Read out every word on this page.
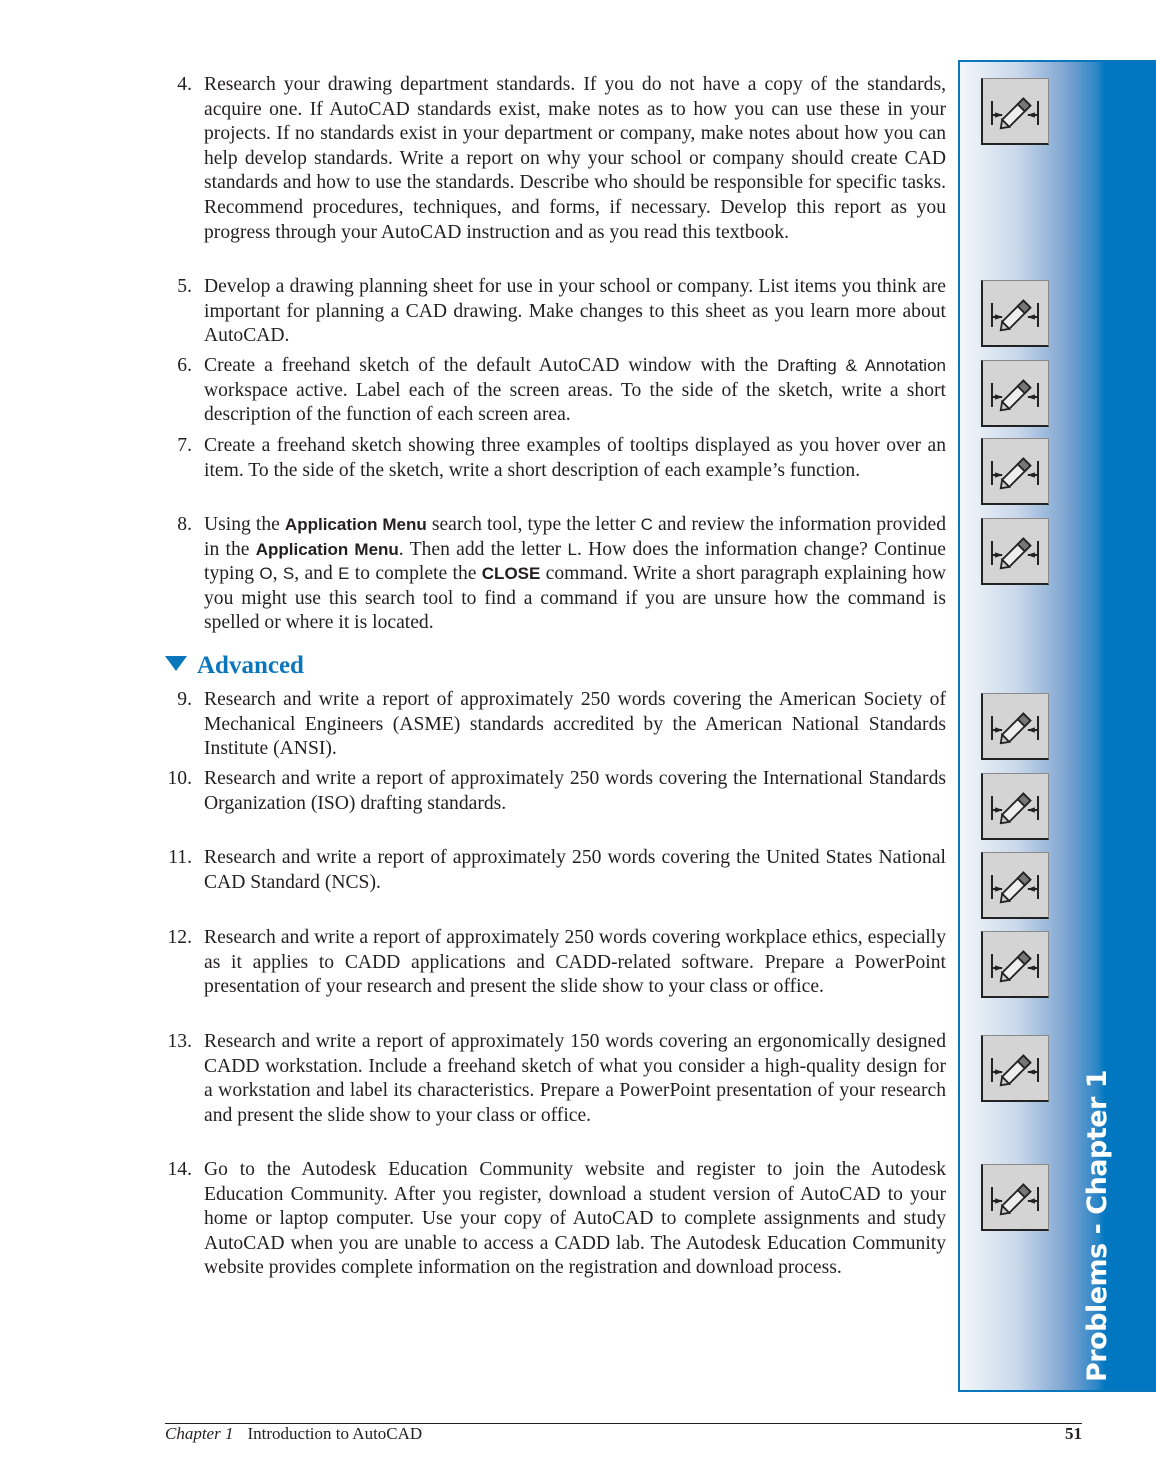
4. Research your drawing department standards. If you do not have a copy of the standards, acquire one. If AutoCAD standards exist, make notes as to how you can use these in your projects. If no standards exist in your department or company, make notes about how you can help develop standards. Write a report on why your school or company should create CAD standards and how to use the standards. Describe who should be responsible for specific tasks. Recommend procedures, techniques, and forms, if necessary. Develop this report as you progress through your AutoCAD instruction and as you read this textbook.
5. Develop a drawing planning sheet for use in your school or company. List items you think are important for planning a CAD drawing. Make changes to this sheet as you learn more about AutoCAD.
6. Create a freehand sketch of the default AutoCAD window with the Drafting & Annotation workspace active. Label each of the screen areas. To the side of the sketch, write a short description of the function of each screen area.
7. Create a freehand sketch showing three examples of tooltips displayed as you hover over an item. To the side of the sketch, write a short description of each example’s function.
8. Using the Application Menu search tool, type the letter C and review the information provided in the Application Menu. Then add the letter L. How does the information change? Continue typing O, S, and E to complete the CLOSE command. Write a short paragraph explaining how you might use this search tool to find a command if you are unsure how the command is spelled or where it is located.
Advanced
9. Research and write a report of approximately 250 words covering the American Society of Mechanical Engineers (ASME) standards accredited by the American National Standards Institute (ANSI).
10. Research and write a report of approximately 250 words covering the International Standards Organization (ISO) drafting standards.
11. Research and write a report of approximately 250 words covering the United States National CAD Standard (NCS).
12. Research and write a report of approximately 250 words covering workplace ethics, especially as it applies to CADD applications and CADD-related software. Prepare a PowerPoint presentation of your research and present the slide show to your class or office.
13. Research and write a report of approximately 150 words covering an ergonomically designed CADD workstation. Include a freehand sketch of what you consider a high-quality design for a workstation and label its characteristics. Prepare a PowerPoint presentation of your research and present the slide show to your class or office.
14. Go to the Autodesk Education Community website and register to join the Autodesk Education Community. After you register, download a student version of AutoCAD to your home or laptop computer. Use your copy of AutoCAD to complete assignments and study AutoCAD when you are unable to access a CADD lab. The Autodesk Education Community website provides complete information on the registration and download process.	Problems - Chapter 1
Chapter 1 Introduction to AutoCAD	51
